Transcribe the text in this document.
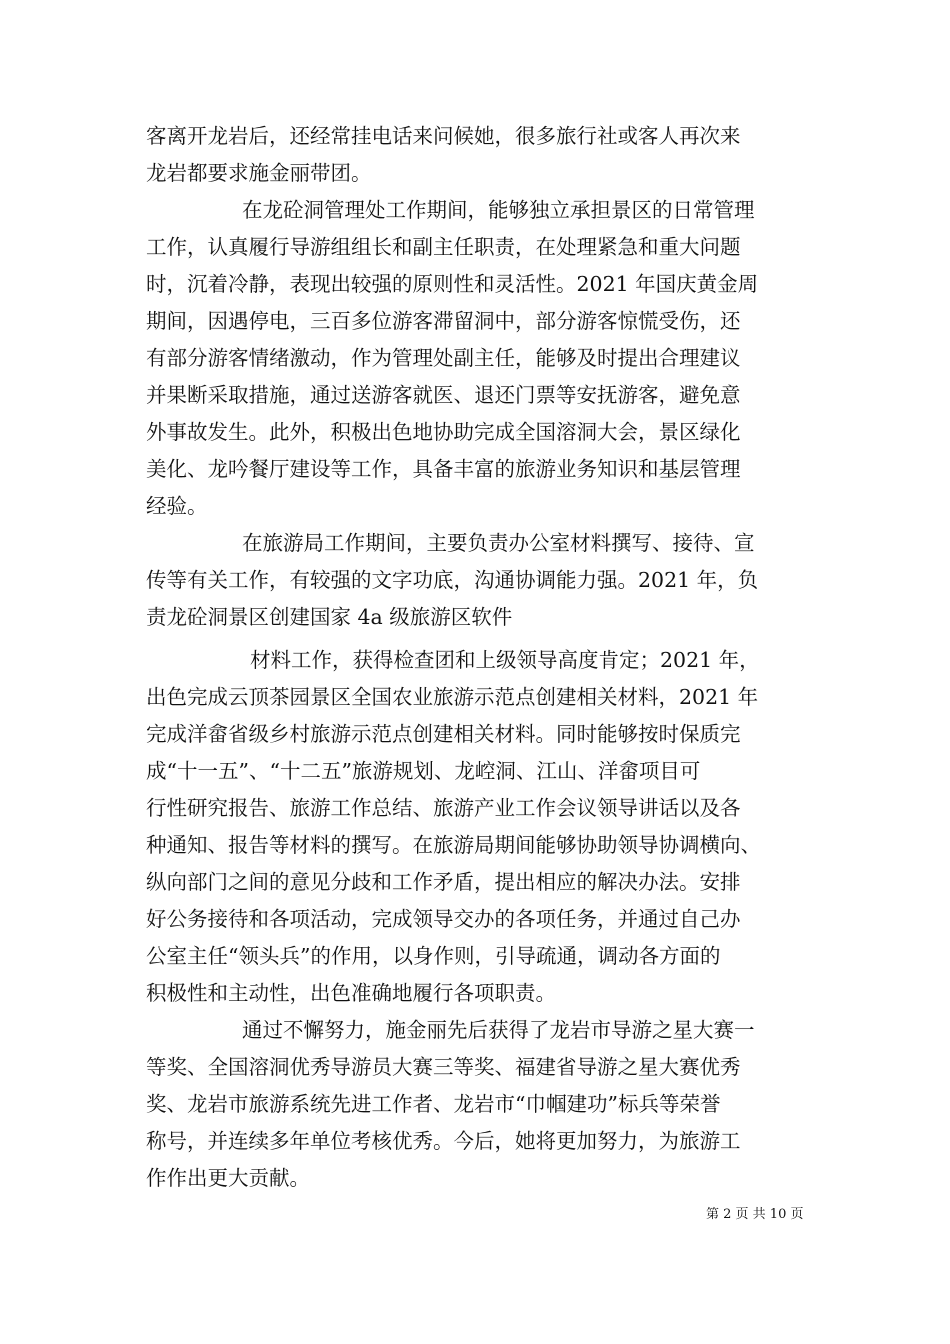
客离开龙岩后，还经常挂电话来问候她，很多旅行社或客人再次来
龙岩都要求施金丽带团。
在龙砼洞管理处工作期间，能够独立承担景区的日常管理
工作，认真履行导游组组长和副主任职责，在处理紧急和重大问题
时，沉着冷静，表现出较强的原则性和灵活性。2021 年国庆黄金周
期间，因遇停电，三百多位游客滞留洞中，部分游客惊慌受伤，还
有部分游客情绪激动，作为管理处副主任，能够及时提出合理建议
并果断采取措施，通过送游客就医、退还门票等安抚游客，避免意
外事故发生。此外，积极出色地协助完成全国溶洞大会，景区绿化
美化、龙吟餐厅建设等工作，具备丰富的旅游业务知识和基层管理
经验。
在旅游局工作期间，主要负责办公室材料撰写、接待、宣
传等有关工作，有较强的文字功底，沟通协调能力强。2021 年，负
责龙砼洞景区创建国家 4a 级旅游区软件
材料工作，获得检查团和上级领导高度肯定；2021 年，
出色完成云顶茶园景区全国农业旅游示范点创建相关材料，2021 年
完成洋畲省级乡村旅游示范点创建相关材料。同时能够按时保质完
成“十一五”、“十二五”旅游规划、龙崆洞、江山、洋畲项目可
行性研究报告、旅游工作总结、旅游产业工作会议领导讲话以及各
种通知、报告等材料的撰写。在旅游局期间能够协助领导协调横向、
纵向部门之间的意见分歧和工作矛盾，提出相应的解决办法。安排
好公务接待和各项活动，完成领导交办的各项任务，并通过自己办
公室主任“领头兵”的作用，以身作则，引导疏通，调动各方面的
积极性和主动性，出色准确地履行各项职责。
通过不懈努力，施金丽先后获得了龙岩市导游之星大赛一
等奖、全国溶洞优秀导游员大赛三等奖、福建省导游之星大赛优秀
奖、龙岩市旅游系统先进工作者、龙岩市“巾帼建功”标兵等荣誉
称号，并连续多年单位考核优秀。今后，她将更加努力，为旅游工
作作出更大贡献。
第 2 页 共 10 页
